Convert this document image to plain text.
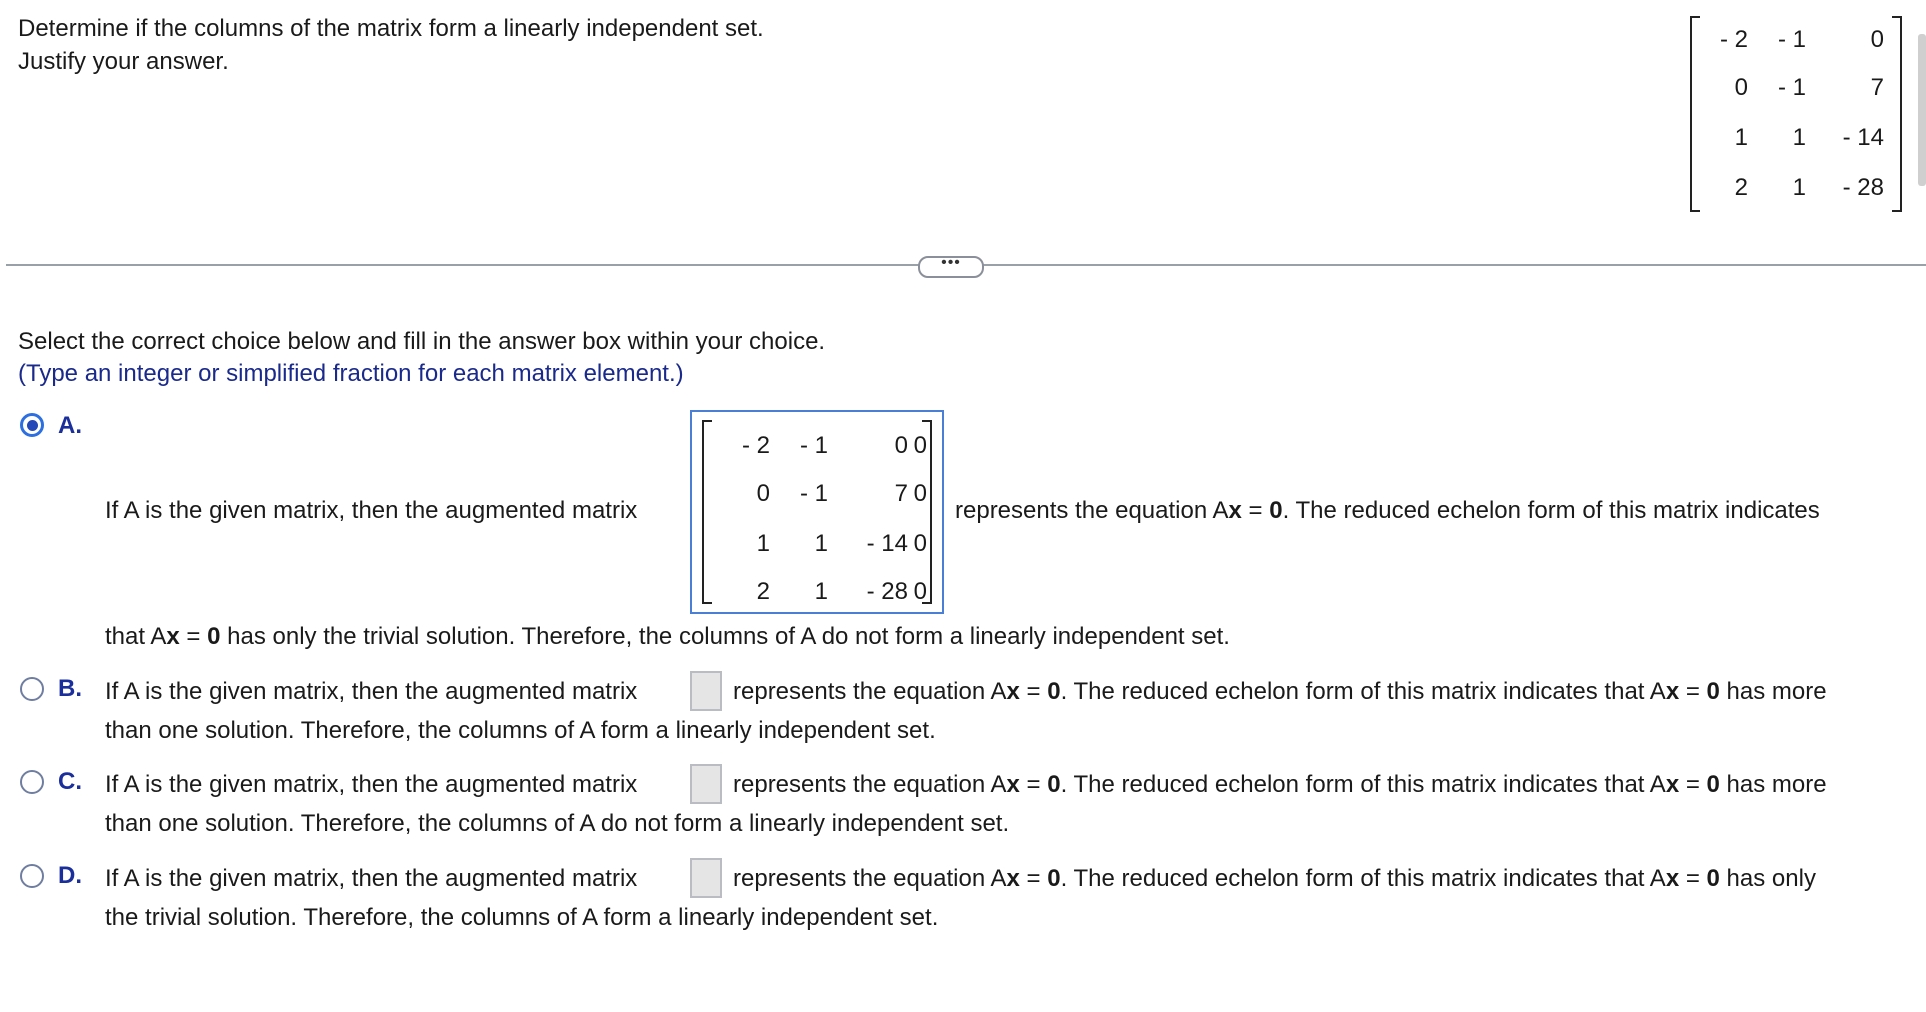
Determine if the columns of the matrix form a linearly independent set.
Justify your answer.
- 2 - 1	0
0 - 1	7
1 1 - 14
2 1 - 28
•••
Select the correct choice below and fill in the answer box within your choice.
(Type an integer or simplified fraction for each matrix element.)
A.
If A is the given matrix, then the augmented matrix
- 2 - 1	0 0
0 - 1	7 0
1 1 - 14 0
2 1 - 28 0
represents the equation Ax = 0. The reduced echelon form of this matrix indicates
that Ax = 0 has only the trivial solution. Therefore, the columns of A do not form a linearly independent set.
B. If A is the given matrix, then the augmented matrix	represents the equation Ax = 0. The reduced echelon form of this matrix indicates that Ax = 0 has more
than one solution. Therefore, the columns of A form a linearly independent set.
C. If A is the given matrix, then the augmented matrix	represents the equation Ax = 0. The reduced echelon form of this matrix indicates that Ax = 0 has more
than one solution. Therefore, the columns of A do not form a linearly independent set.
D. If A is the given matrix, then the augmented matrix	represents the equation Ax = 0. The reduced echelon form of this matrix indicates that Ax = 0 has only
the trivial solution. Therefore, the columns of A form a linearly independent set.
